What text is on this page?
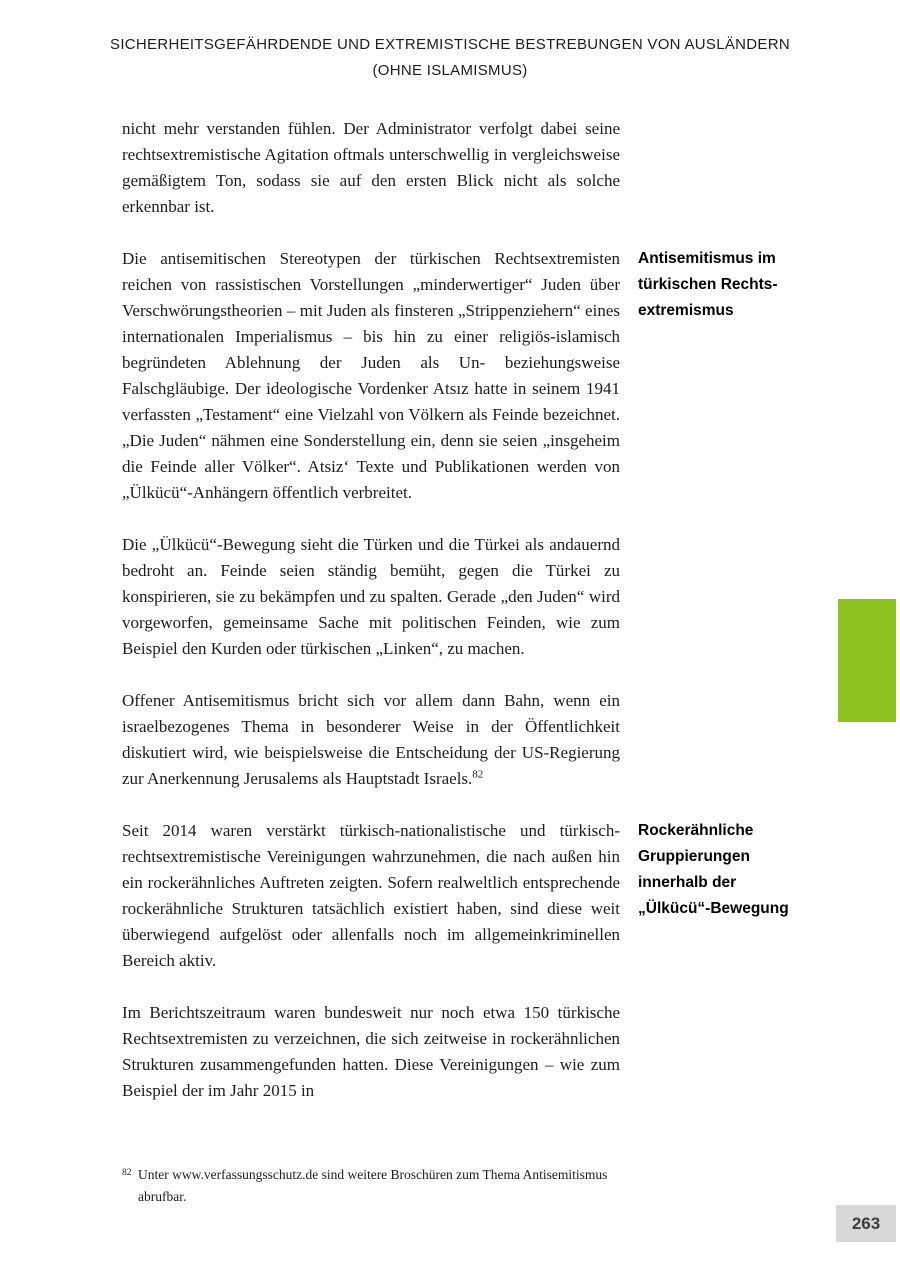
SICHERHEITSGEFÄHRDENDE UND EXTREMISTISCHE BESTREBUNGEN VON AUSLÄNDERN
(OHNE ISLAMISMUS)

nicht mehr verstanden fühlen. Der Administrator verfolgt dabei seine rechtsextremistische Agitation oftmals unterschwellig in vergleichsweise gemäßigtem Ton, sodass sie auf den ersten Blick nicht als solche erkennbar ist.

Die antisemitischen Stereotypen der türkischen Rechtsextremisten reichen von rassistischen Vorstellungen „minderwertiger“ Juden über Verschwörungstheorien – mit Juden als finsteren „Strippenziehern“ eines internationalen Imperialismus – bis hin zu einer religiös-islamisch begründeten Ablehnung der Juden als Un- beziehungsweise Falschgläubige. Der ideologische Vordenker Atsız hatte in seinem 1941 verfassten „Testament“ eine Vielzahl von Völkern als Feinde bezeichnet. „Die Juden“ nähmen eine Sonderstellung ein, denn sie seien „insgeheim die Feinde aller Völker“. Atsiz‘ Texte und Publikationen werden von „Ülkücü“-Anhängern öffentlich verbreitet.

Antisemitismus im türkischen Rechts-extremismus

Die „Ülkücü“-Bewegung sieht die Türken und die Türkei als andauernd bedroht an. Feinde seien ständig bemüht, gegen die Türkei zu konspirieren, sie zu bekämpfen und zu spalten. Gerade „den Juden“ wird vorgeworfen, gemeinsame Sache mit politischen Feinden, wie zum Beispiel den Kurden oder türkischen „Linken“, zu machen.

Offener Antisemitismus bricht sich vor allem dann Bahn, wenn ein israelbezogenes Thema in besonderer Weise in der Öffentlichkeit diskutiert wird, wie beispielsweise die Entscheidung der US-Regierung zur Anerkennung Jerusalems als Hauptstadt Israels.$^{82}$

Seit 2014 waren verstärkt türkisch-nationalistische und türkisch-rechtsextremistische Vereinigungen wahrzunehmen, die nach außen hin ein rockerähnliches Auftreten zeigten. Sofern realweltlich entsprechende rockerähnliche Strukturen tatsächlich existiert haben, sind diese weit überwiegend aufgelöst oder allenfalls noch im allgemeinkriminellen Bereich aktiv.

Rockerähnliche Gruppierungen innerhalb der „Ülkücü“-Bewegung

Im Berichtszeitraum waren bundesweit nur noch etwa 150 türkische Rechtsextremisten zu verzeichnen, die sich zeitweise in rockerähnlichen Strukturen zusammengefunden hatten. Diese Vereinigungen – wie zum Beispiel der im Jahr 2015 in

82 Unter www.verfassungsschutz.de sind weitere Broschüren zum Thema Antisemitismus abrufbar.
263
